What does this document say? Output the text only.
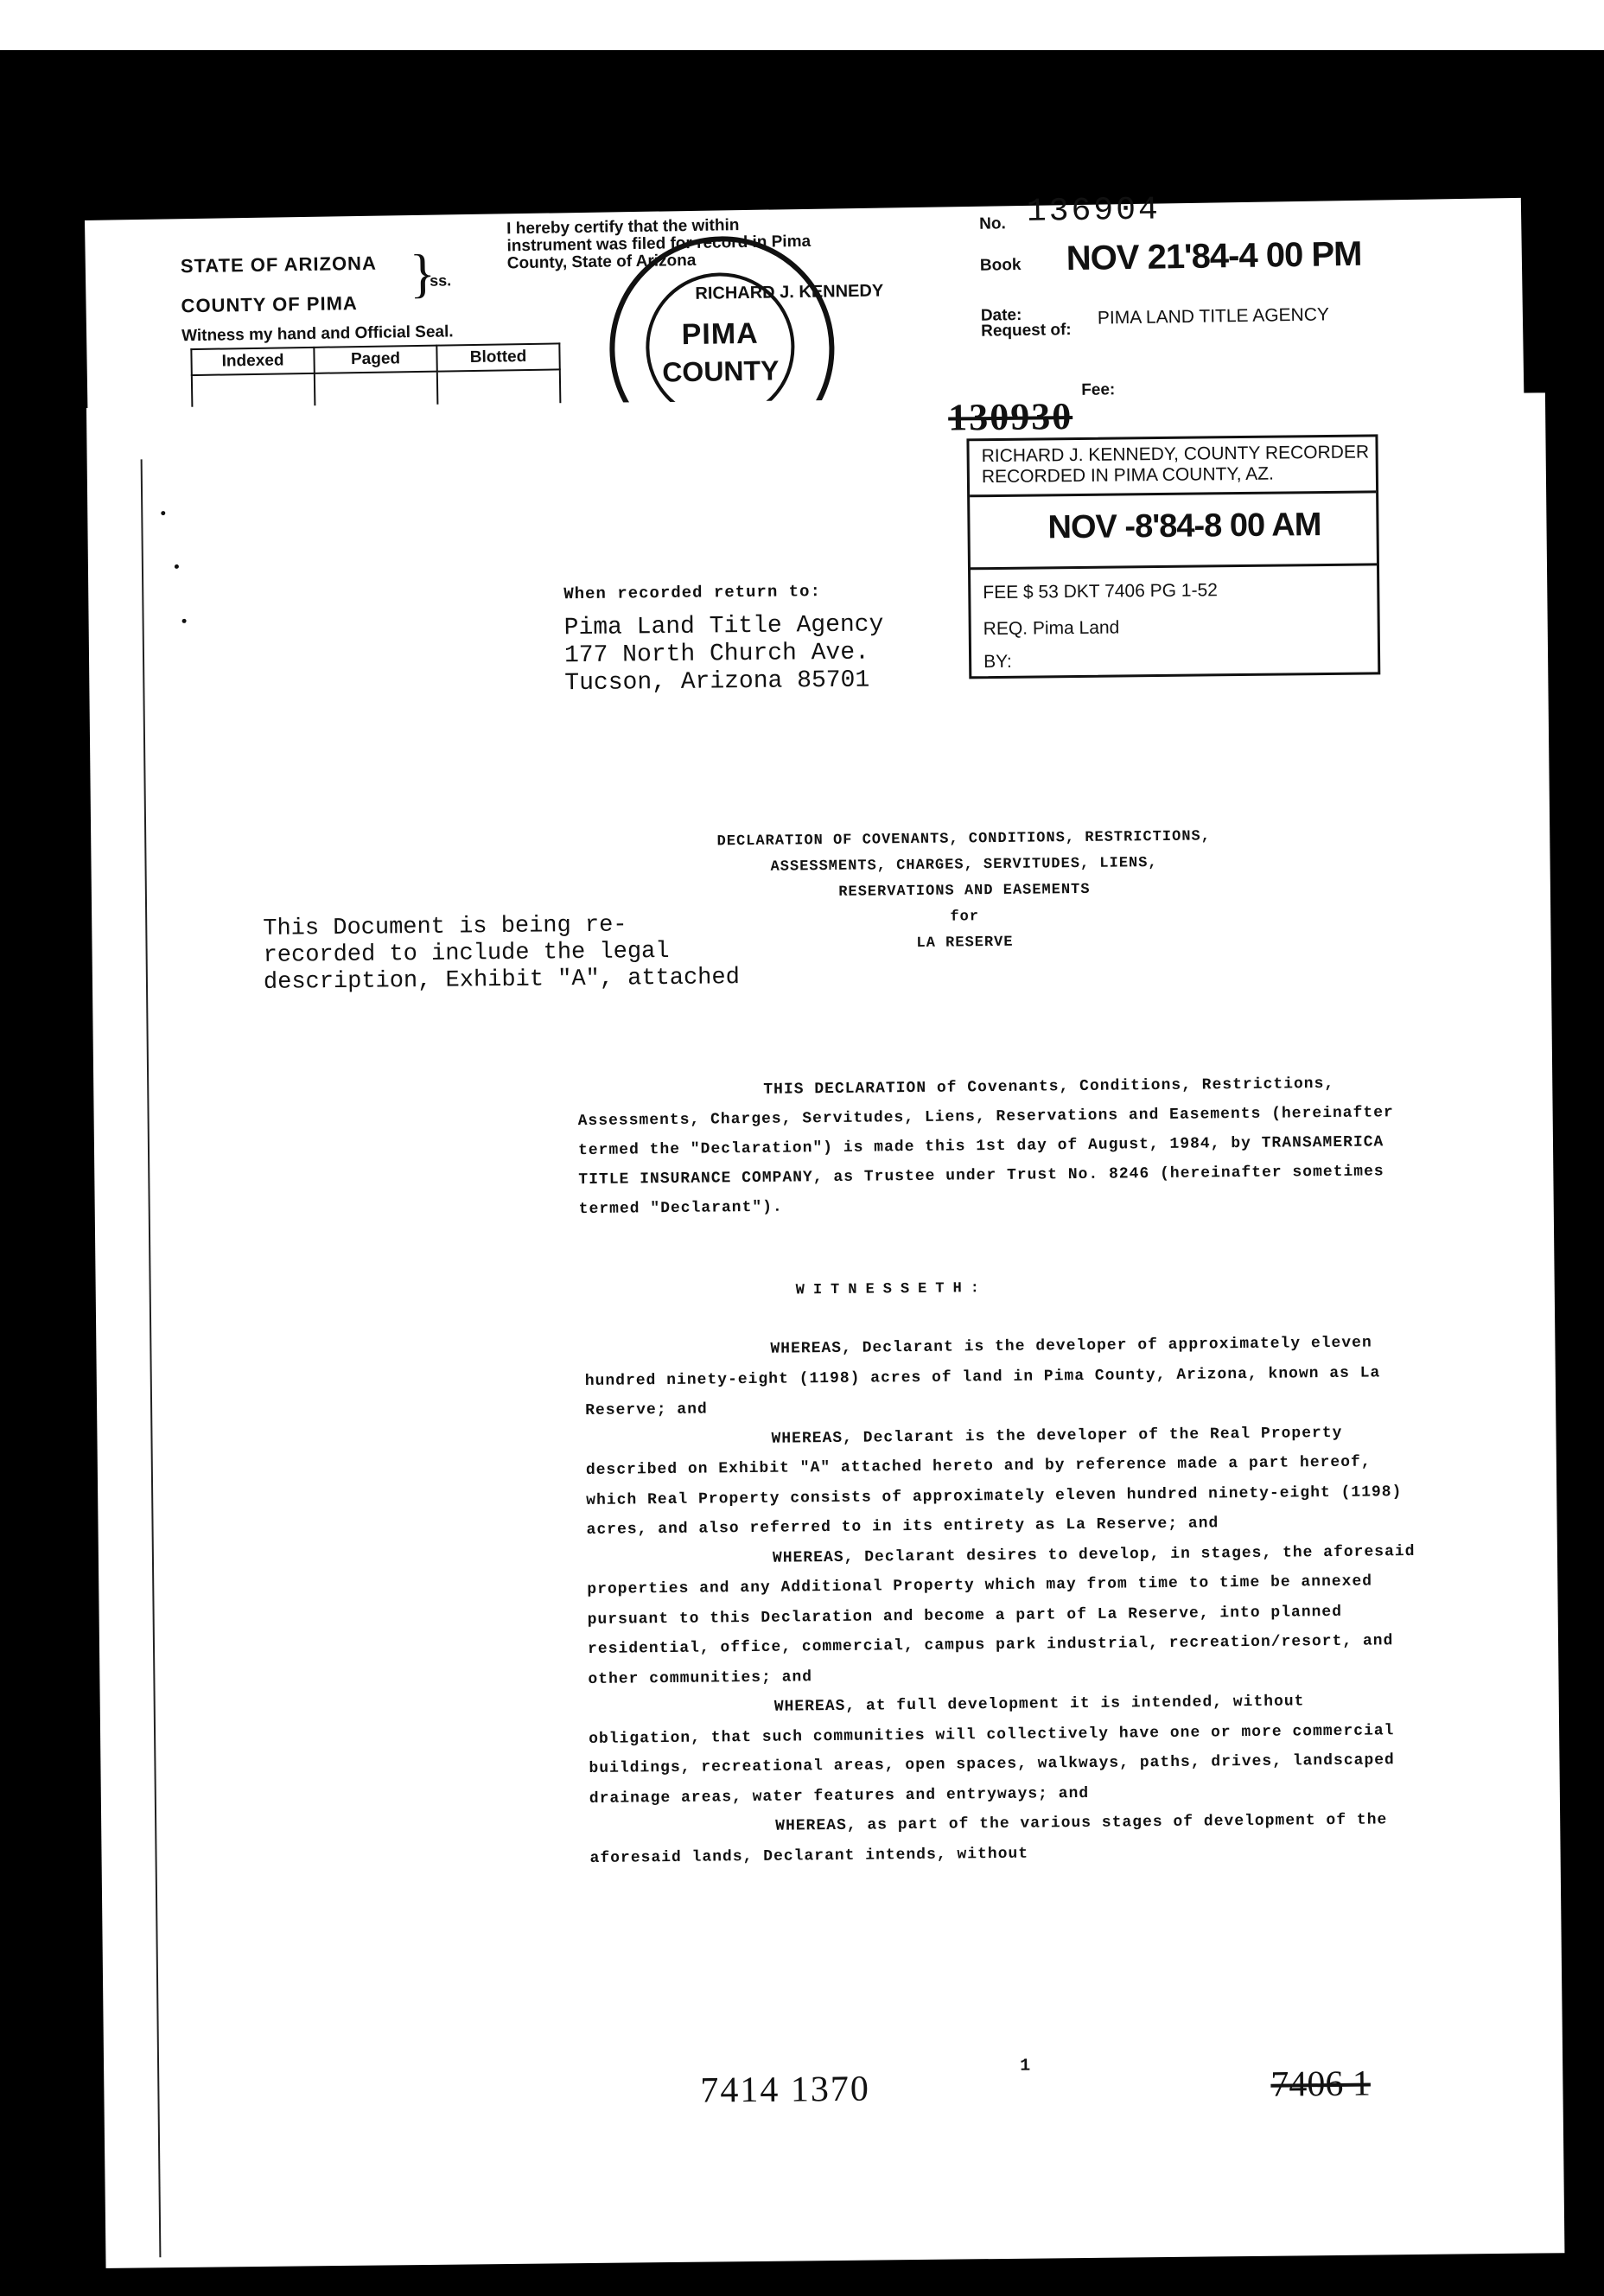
STATE OF ARIZONA
COUNTY OF PIMA
}
ss.
Witness my hand and Official Seal.
Indexed	Paged	Blotted

I hereby certify that the within instrument was filed for record in Pima County, State of Arizona
PIMA
COUNTY
RICHARD J. KENNEDY
No. 136904
Book NOV 21'84-4 00 PM
Date:
Request of:
PIMA LAND TITLE AGENCY
Fee:
130930
RICHARD J. KENNEDY, COUNTY RECORDER
RECORDED IN PIMA COUNTY, AZ.
NOV -8'84-8 00 AM
FEE $ 53 DKT 7406 PG 1-52
REQ. Pima Land
BY:
When recorded return to:
Pima Land Title Agency
177 North Church Ave.
Tucson, Arizona 85701
DECLARATION OF COVENANTS, CONDITIONS, RESTRICTIONS,
ASSESSMENTS, CHARGES, SERVITUDES, LIENS,
RESERVATIONS AND EASEMENTS
for
LA RESERVE
This Document is being re-
recorded to include the legal
description, Exhibit "A", attached
THIS DECLARATION of Covenants, Conditions, Restrictions, Assessments, Charges, Servitudes, Liens, Reservations and Easements (hereinafter termed the "Declaration") is made this 1st day of August, 1984, by TRANSAMERICA TITLE INSURANCE COMPANY, as Trustee under Trust No. 8246 (hereinafter sometimes termed "Declarant").
WITNESSETH:
WHEREAS, Declarant is the developer of approximately eleven hundred ninety-eight (1198) acres of land in Pima County, Arizona, known as La Reserve; and
WHEREAS, Declarant is the developer of the Real Property described on Exhibit "A" attached hereto and by reference made a part hereof, which Real Property consists of approximately eleven hundred ninety-eight (1198) acres, and also referred to in its entirety as La Reserve; and
WHEREAS, Declarant desires to develop, in stages, the aforesaid properties and any Additional Property which may from time to time be annexed pursuant to this Declaration and become a part of La Reserve, into planned residential, office, commercial, campus park industrial, recreation/resort, and other communities; and
WHEREAS, at full development it is intended, without obligation, that such communities will collectively have one or more commercial buildings, recreational areas, open spaces, walkways, paths, drives, landscaped drainage areas, water features and entryways; and
WHEREAS, as part of the various stages of development of the aforesaid lands, Declarant intends, without
1
7414 1370	7406 1
